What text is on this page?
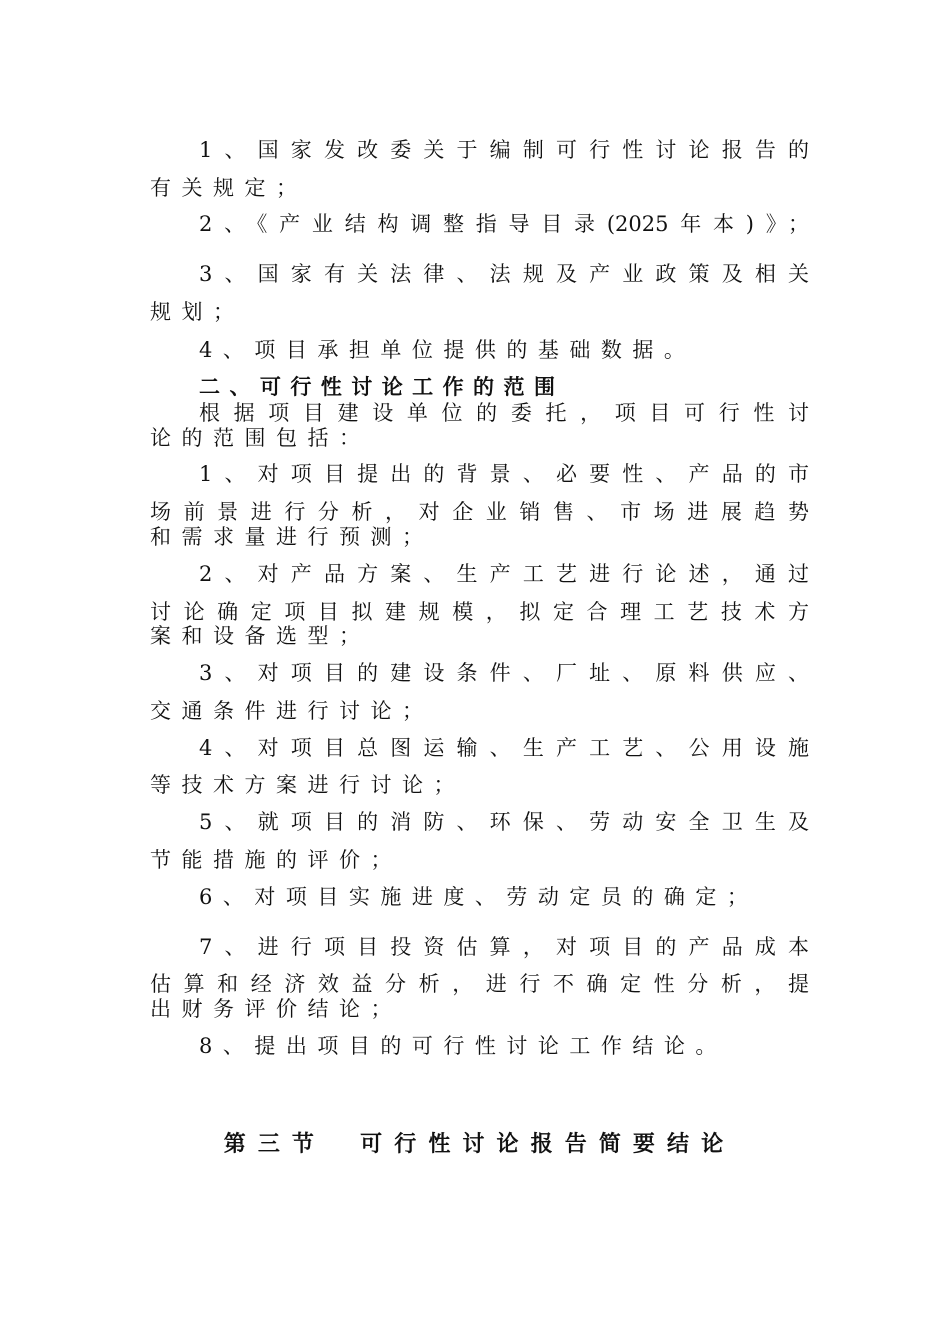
1、国家发改委关于编制可行性讨论报告的

有关规定；

2、《产业结构调整指导目录(2025年本)》；

3、国家有关法律、法规及产业政策及相关

规划；

4、项目承担单位提供的基础数据。

二、可行性讨论工作的范围

根据项目建设单位的委托，项目可行性讨

论的范围包括：

1、对项目提出的背景、必要性、产品的市

场前景进行分析，对企业销售、市场进展趋势

和需求量进行预测；

2、对产品方案、生产工艺进行论述，通过

讨论确定项目拟建规模，拟定合理工艺技术方

案和设备选型；

3、对项目的建设条件、厂址、原料供应、

交通条件进行讨论；

4、对项目总图运输、生产工艺、公用设施

等技术方案进行讨论；

5、就项目的消防、环保、劳动安全卫生及

节能措施的评价；

6、对项目实施进度、劳动定员的确定；

7、进行项目投资估算，对项目的产品成本

估算和经济效益分析，进行不确定性分析，提

出财务评价结论；

8、提出项目的可行性讨论工作结论。

第三节　可行性讨论报告简要结论
